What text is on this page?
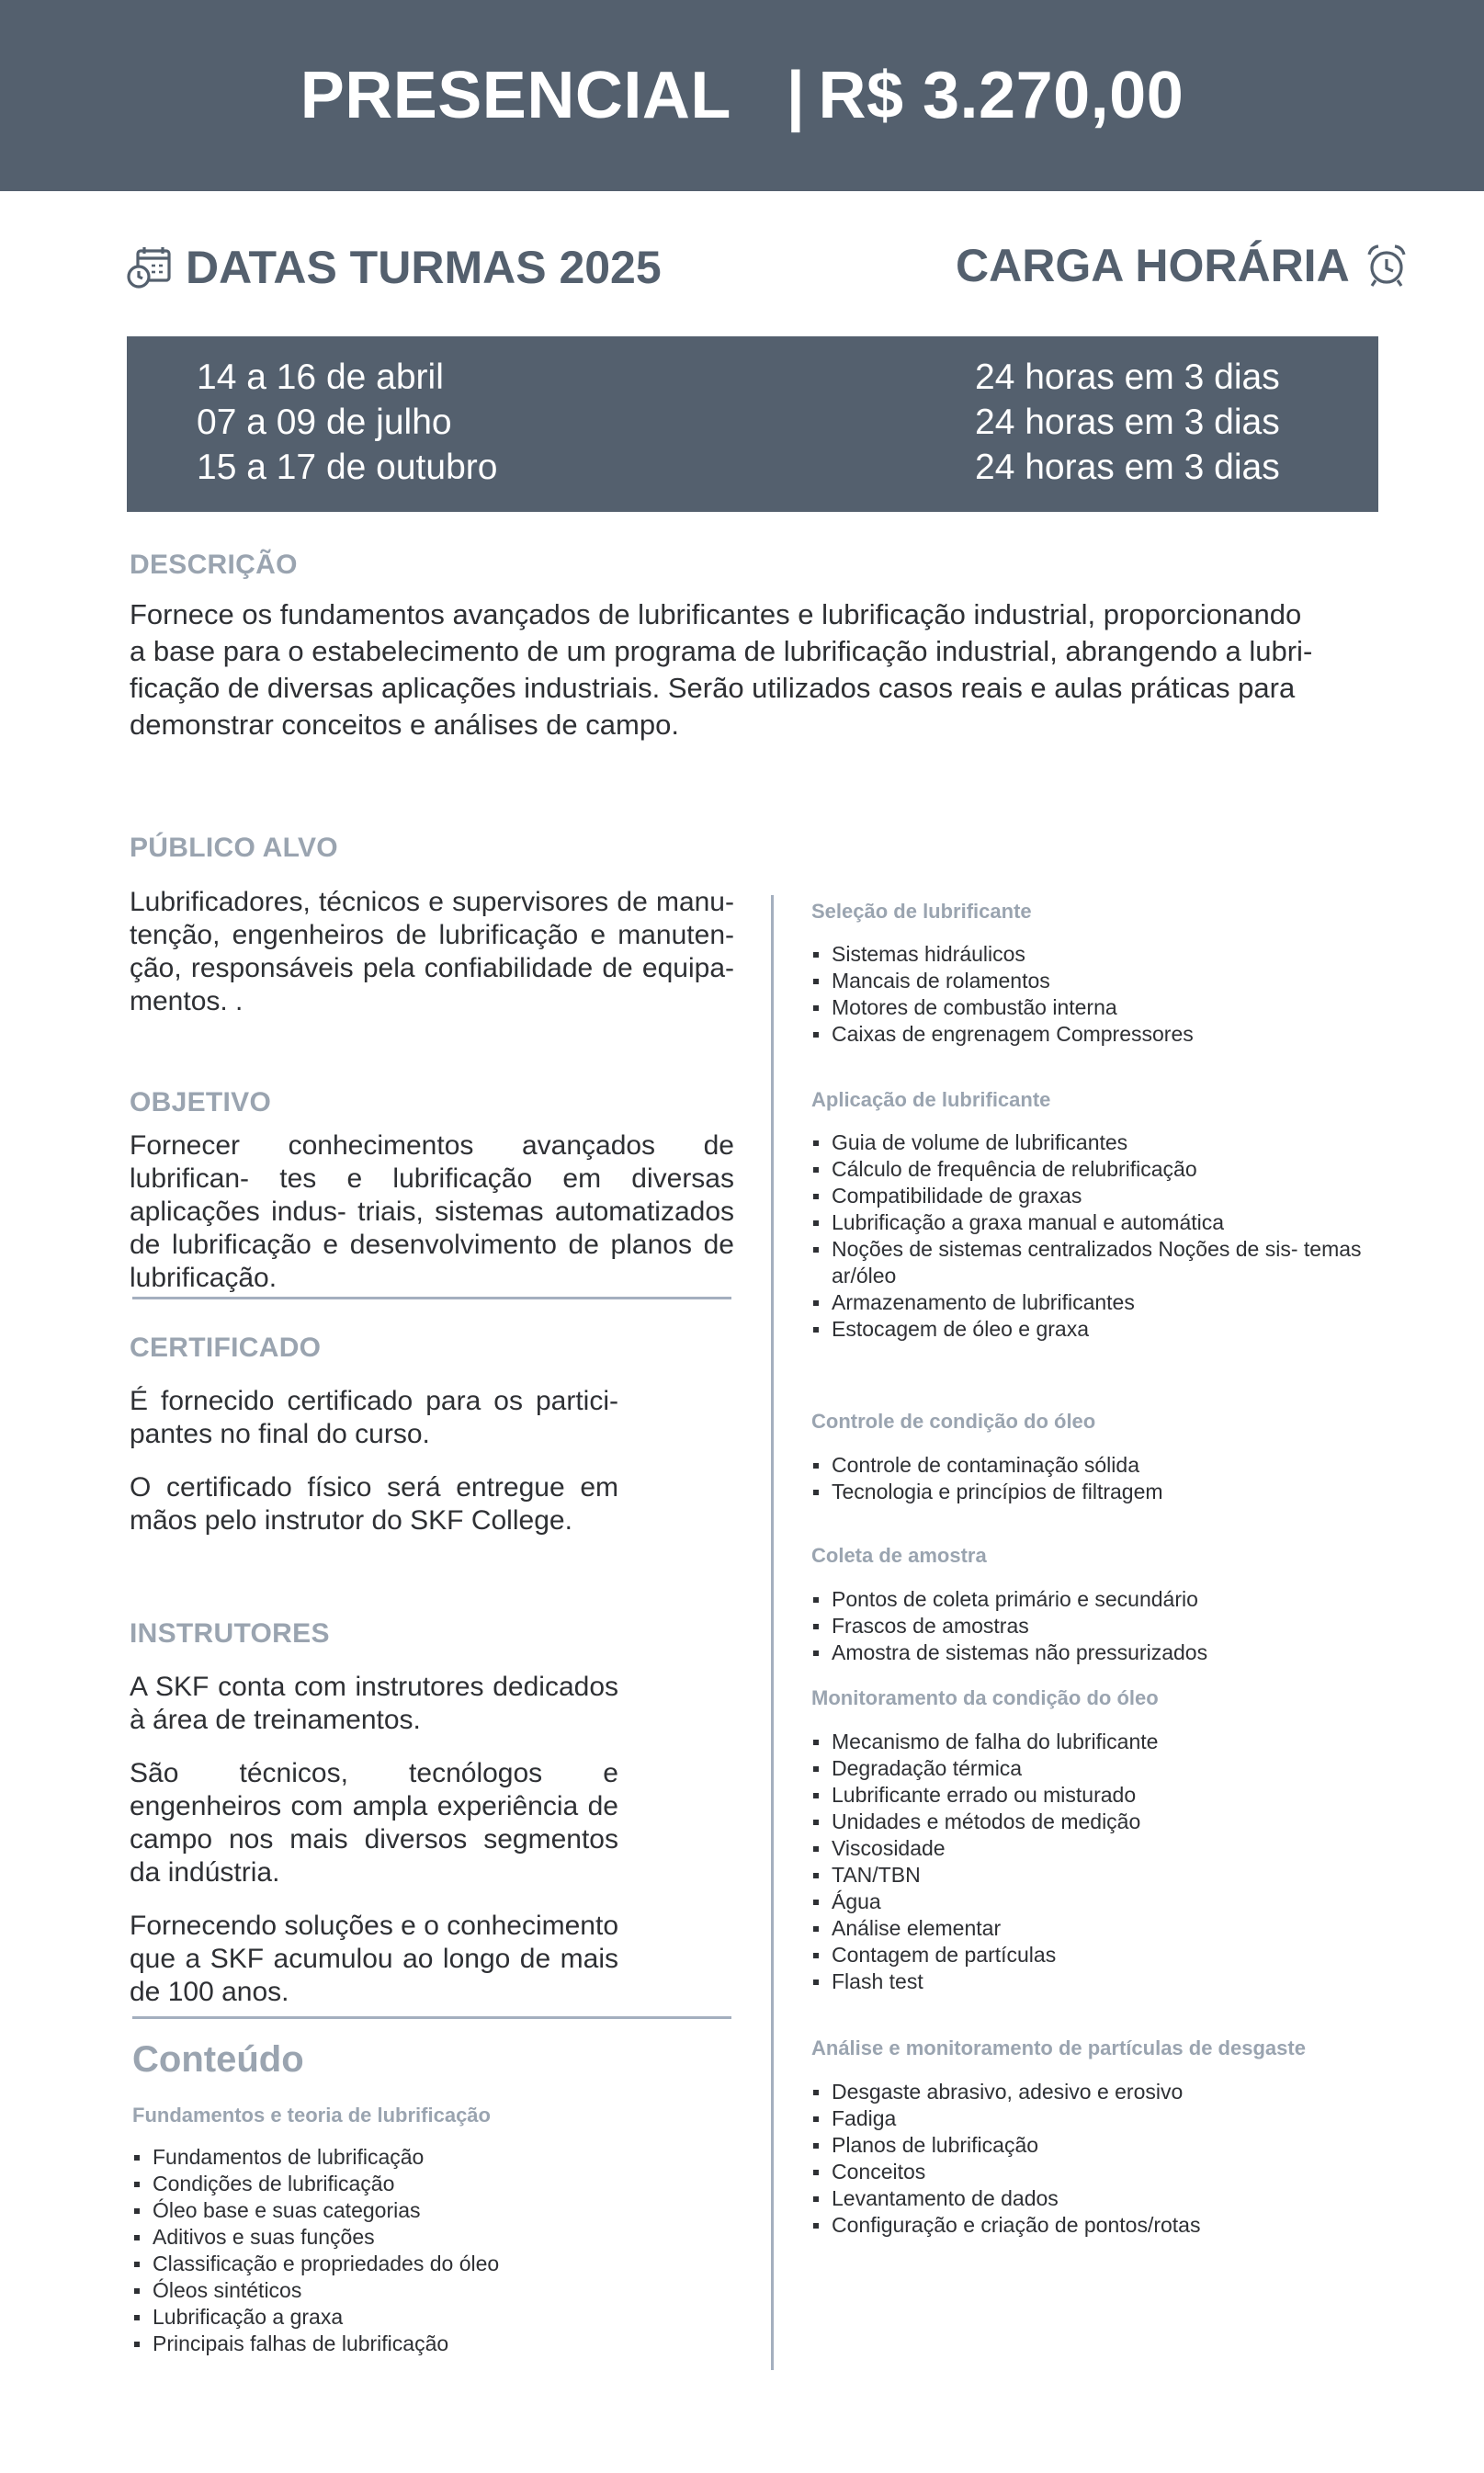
PRESENCIAL | R$ 3.270,00
DATAS TURMAS 2025	CARGA HORÁRIA
14 a 16 de abril
07 a 09 de julho
15 a 17 de outubro
24 horas em 3 dias
24 horas em 3 dias
24 horas em 3 dias
DESCRIÇÃO
Fornece os fundamentos avançados de lubrificantes e lubrificação industrial, proporcionando
a base para o estabelecimento de um programa de lubrificação industrial, abrangendo a lubri-
ficação de diversas aplicações industriais. Serão utilizados casos reais e aulas práticas para
demonstrar conceitos e análises de campo.
PÚBLICO ALVO
Lubrificadores, técnicos e supervisores de manu- tenção, engenheiros de lubrificação e manuten- ção, responsáveis pela confiabilidade de equipa- mentos. .
OBJETIVO
Fornecer conhecimentos avançados de lubrifican- tes e lubrificação em diversas aplicações indus- triais, sistemas automatizados de lubrificação e desenvolvimento de planos de lubrificação.
CERTIFICADO

É fornecido certificado para os partici- pantes no final do curso.

O certificado físico será entregue em mãos pelo instrutor do SKF College.

INSTRUTORES

A SKF conta com instrutores dedicados à área de treinamentos.

São técnicos, tecnólogos e engenheiros com ampla experiência de campo nos mais diversos segmentos da indústria.

Fornecendo soluções e o conhecimento que a SKF acumulou ao longo de mais de 100 anos.

Conteúdo
Fundamentos e teoria de lubrificação
Fundamentos de lubrificação
Condições de lubrificação
Óleo base e suas categorias
Aditivos e suas funções
Classificação e propriedades do óleo
Óleos sintéticos
Lubrificação a graxa
Principais falhas de lubrificação
Seleção de lubrificante
Sistemas hidráulicos
Mancais de rolamentos
Motores de combustão interna
Caixas de engrenagem Compressores
Aplicação de lubrificante
Guia de volume de lubrificantes
Cálculo de frequência de relubrificação
Compatibilidade de graxas
Lubrificação a graxa manual e automática
Noções de sistemas centralizados Noções de sis- temas ar/óleo
Armazenamento de lubrificantes
Estocagem de óleo e graxa
Controle de condição do óleo
Controle de contaminação sólida
Tecnologia e princípios de filtragem
Coleta de amostra
Pontos de coleta primário e secundário
Frascos de amostras
Amostra de sistemas não pressurizados
Monitoramento da condição do óleo
Mecanismo de falha do lubrificante
Degradação térmica
Lubrificante errado ou misturado
Unidades e métodos de medição
Viscosidade
TAN/TBN
Água
Análise elementar
Contagem de partículas
Flash test
Análise e monitoramento de partículas de desgaste
Desgaste abrasivo, adesivo e erosivo
Fadiga
Planos de lubrificação
Conceitos
Levantamento de dados
Configuração e criação de pontos/rotas
